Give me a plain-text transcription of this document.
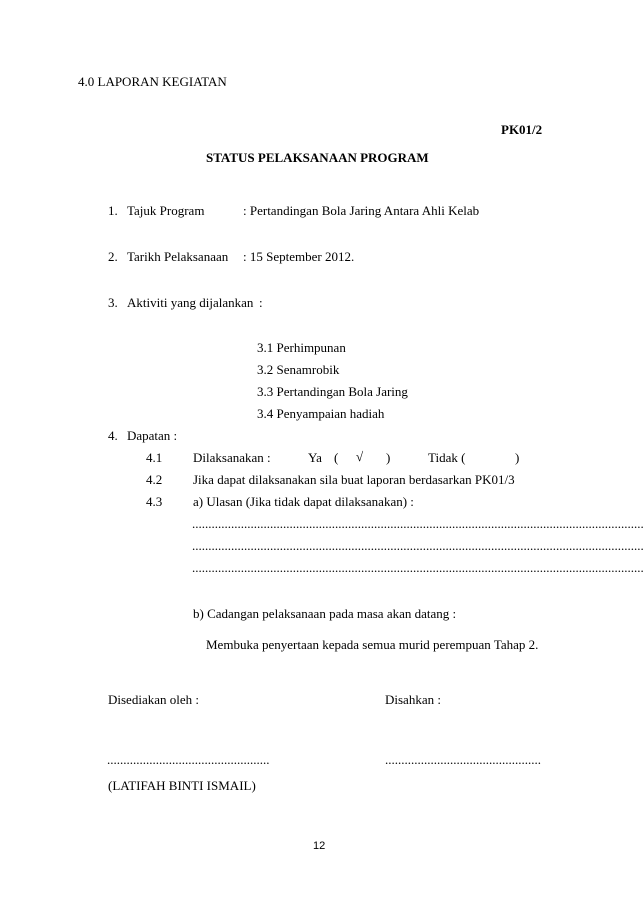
4.0 LAPORAN KEGIATAN
PK01/2
STATUS PELAKSANAAN PROGRAM
1. Tajuk Program	: Pertandingan Bola Jaring Antara Ahli Kelab
2. Tarikh Pelaksanaan : 15 September 2012.
3. Aktiviti yang dijalankan :
3.1 Perhimpunan
3.2 Senamrobik
3.3 Pertandingan Bola Jaring
3.4 Penyampaian hadiah
4. Dapatan :
4.1 Dilaksanakan :	Ya ( √ )	Tidak (	)
4.2 Jika dapat dilaksanakan sila buat laporan berdasarkan PK01/3
4.3 a) Ulasan (Jika tidak dapat dilaksanakan) :
...........................................................................................................................................
...........................................................................................................................................
...........................................................................................................................................
b) Cadangan pelaksanaan pada masa akan datang :
Membuka penyertaan kepada semua murid perempuan Tahap 2.
Disediakan oleh :	Disahkan :
..................................................	................................................
(LATIFAH BINTI ISMAIL)
12
